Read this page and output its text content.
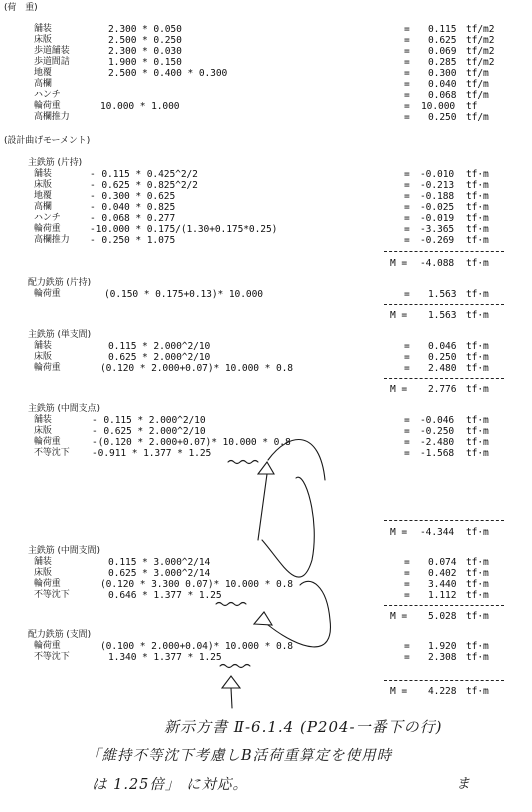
(荷　重)
舗装	2.300 * 0.050	= 0.115 tf/m2
床版	2.500 * 0.250	= 0.625 tf/m2
歩道舗装	2.300 * 0.030	= 0.069 tf/m2
歩道間詰	1.900 * 0.150	= 0.285 tf/m2
地覆	2.500 * 0.400 * 0.300	= 0.300 tf/m
高欄	= 0.040 tf/m
ハンチ	= 0.068 tf/m
輪荷重	10.000 * 1.000	= 10.000 tf
高欄推力	= 0.250 tf/m
(設計曲げモーメント)
主鉄筋 (片持)
舗装	- 0.115 * 0.425^2/2	= -0.010 tf·m
床版	- 0.625 * 0.825^2/2	= -0.213 tf·m
地覆	- 0.300 * 0.625	= -0.188 tf·m
高欄	- 0.040 * 0.825	= -0.025 tf·m
ハンチ	- 0.068 * 0.277	= -0.019 tf·m
輪荷重	-10.000 * 0.175/(1.30+0.175*0.25)	= -3.365 tf·m
高欄推力 - 0.250 * 1.075	= -0.269 tf·m
M = -4.088 tf·m
配力鉄筋 (片持)
輪荷重	(0.150 * 0.175+0.13)* 10.000	= 1.563 tf·m
M = 1.563 tf·m
主鉄筋 (単支間)
舗装	0.115 * 2.000^2/10	= 0.046 tf·m
床版	0.625 * 2.000^2/10	= 0.250 tf·m
輪荷重	(0.120 * 2.000+0.07)* 10.000 * 0.8	= 2.480 tf·m
M = 2.776 tf·m
主鉄筋 (中間支点)
舗装	- 0.115 * 2.000^2/10	= -0.046 tf·m
床版	- 0.625 * 2.000^2/10	= -0.250 tf·m
輪荷重	-(0.120 * 2.000+0.07)* 10.000 * 0.8	= -2.480 tf·m
不等沈下 -0.911 * 1.377 * 1.25	= -1.568 tf·m
M = -4.344 tf·m
主鉄筋 (中間支間)
舗装	0.115 * 3.000^2/14	= 0.074 tf·m
床版	0.625 * 3.000^2/14	= 0.402 tf·m
輪荷重	(0.120 * 3.300 0.07)* 10.000 * 0.8	= 3.440 tf·m
不等沈下	0.646 * 1.377 * 1.25	= 1.112 tf·m
M = 5.028 tf·m
配力鉄筋 (支間)
輪荷重	(0.100 * 2.000+0.04)* 10.000 * 0.8	= 1.920 tf·m
不等沈下	1.340 * 1.377 * 1.25	= 2.308 tf·m
M = 4.228 tf·m
新示方書 Ⅱ-6.1.4 (P204-一番下の行)
「維持不等沈下考慮しB活荷重算定を使用時
は 1.25倍」 に対応。	ま
